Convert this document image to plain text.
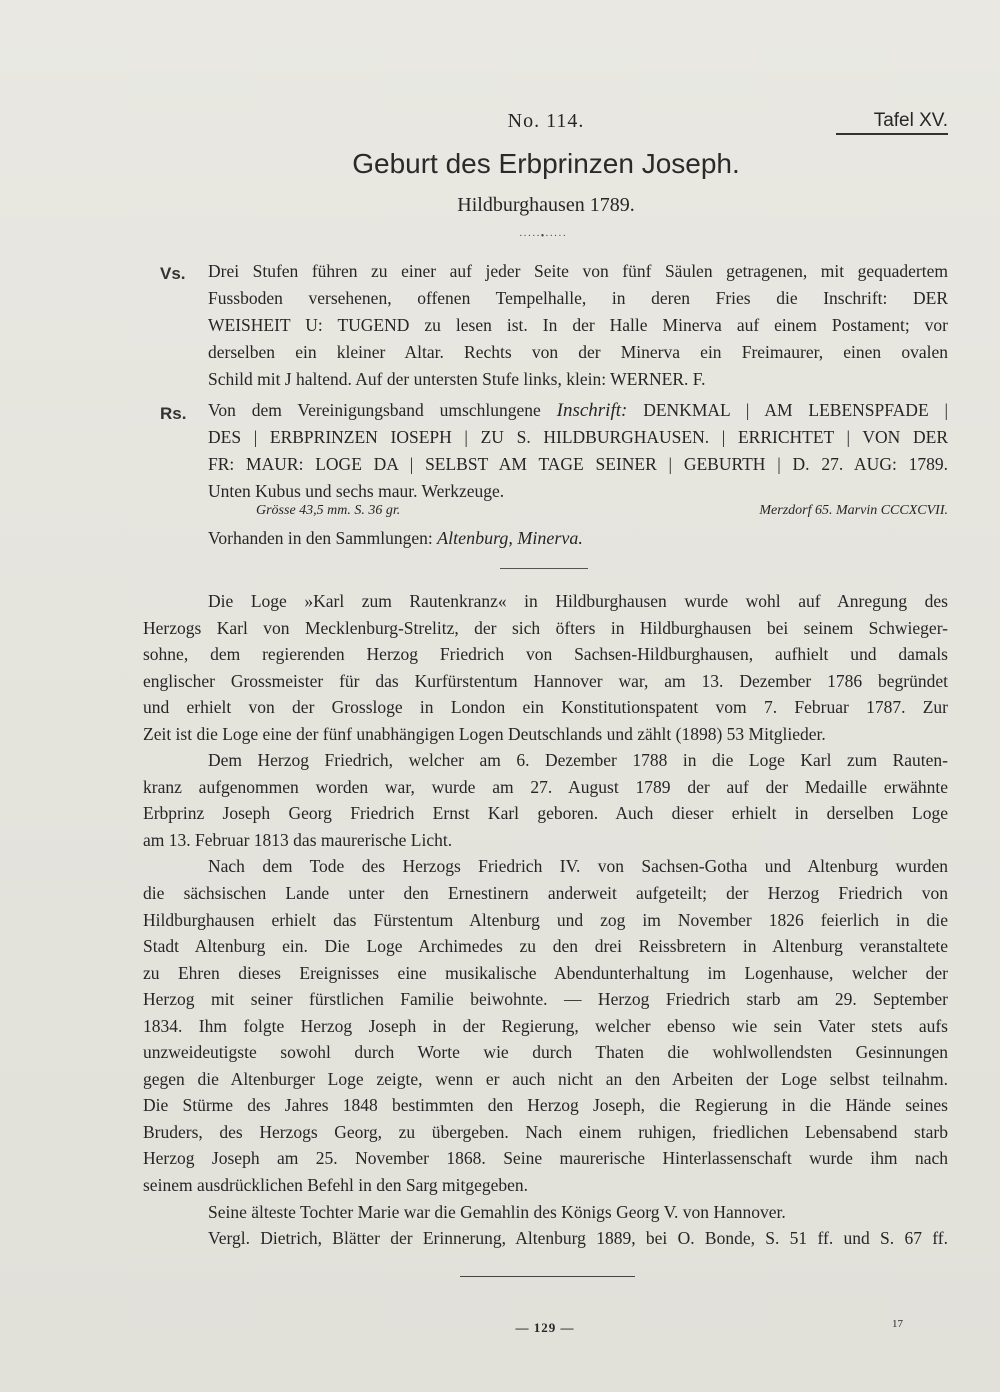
No. 114.	Tafel XV.
Geburt des Erbprinzen Joseph.
Hildburghausen 1789.
·····•·····
Vs. Drei Stufen führen zu einer auf jeder Seite von fünf Säulen getragenen, mit gequadertem
Fussboden versehenen, offenen Tempelhalle, in deren Fries die Inschrift: DER
WEISHEIT U: TUGEND zu lesen ist. In der Halle Minerva auf einem Postament; vor
derselben ein kleiner Altar. Rechts von der Minerva ein Freimaurer, einen ovalen
Schild mit J haltend. Auf der untersten Stufe links, klein: WERNER. F.
Rs. Von dem Vereinigungsband umschlungene Inschrift: DENKMAL | AM LEBENSPFADE |
DES | ERBPRINZEN IOSEPH | ZU S. HILDBURGHAUSEN. | ERRICHTET | VON DER
FR: MAUR: LOGE DA | SELBST AM TAGE SEINER | GEBURTH | D. 27. AUG: 1789.
Unten Kubus und sechs maur. Werkzeuge.
Grösse 43,5 mm. S. 36 gr.	Merzdorf 65. Marvin CCCXCVII.
Vorhanden in den Sammlungen: Altenburg, Minerva.
Die Loge »Karl zum Rautenkranz« in Hildburghausen wurde wohl auf Anregung des
Herzogs Karl von Mecklenburg-Strelitz, der sich öfters in Hildburghausen bei seinem Schwieger-
sohne, dem regierenden Herzog Friedrich von Sachsen-Hildburghausen, aufhielt und damals
englischer Grossmeister für das Kurfürstentum Hannover war, am 13. Dezember 1786 begründet
und erhielt von der Grossloge in London ein Konstitutionspatent vom 7. Februar 1787. Zur
Zeit ist die Loge eine der fünf unabhängigen Logen Deutschlands und zählt (1898) 53 Mitglieder.
Dem Herzog Friedrich, welcher am 6. Dezember 1788 in die Loge Karl zum Rauten-
kranz aufgenommen worden war, wurde am 27. August 1789 der auf der Medaille erwähnte
Erbprinz Joseph Georg Friedrich Ernst Karl geboren. Auch dieser erhielt in derselben Loge
am 13. Februar 1813 das maurerische Licht.
Nach dem Tode des Herzogs Friedrich IV. von Sachsen-Gotha und Altenburg wurden
die sächsischen Lande unter den Ernestinern anderweit aufgeteilt; der Herzog Friedrich von
Hildburghausen erhielt das Fürstentum Altenburg und zog im November 1826 feierlich in die
Stadt Altenburg ein. Die Loge Archimedes zu den drei Reissbretern in Altenburg veranstaltete
zu Ehren dieses Ereignisses eine musikalische Abendunterhaltung im Logenhause, welcher der
Herzog mit seiner fürstlichen Familie beiwohnte. — Herzog Friedrich starb am 29. September
1834. Ihm folgte Herzog Joseph in der Regierung, welcher ebenso wie sein Vater stets aufs
unzweideutigste sowohl durch Worte wie durch Thaten die wohlwollendsten Gesinnungen
gegen die Altenburger Loge zeigte, wenn er auch nicht an den Arbeiten der Loge selbst teilnahm.
Die Stürme des Jahres 1848 bestimmten den Herzog Joseph, die Regierung in die Hände seines
Bruders, des Herzogs Georg, zu übergeben. Nach einem ruhigen, friedlichen Lebensabend starb
Herzog Joseph am 25. November 1868. Seine maurerische Hinterlassenschaft wurde ihm nach
seinem ausdrücklichen Befehl in den Sarg mitgegeben.
Seine älteste Tochter Marie war die Gemahlin des Königs Georg V. von Hannover.
Vergl. Dietrich, Blätter der Erinnerung, Altenburg 1889, bei O. Bonde, S. 51 ff. und S. 67 ff.
— 129 —	17
